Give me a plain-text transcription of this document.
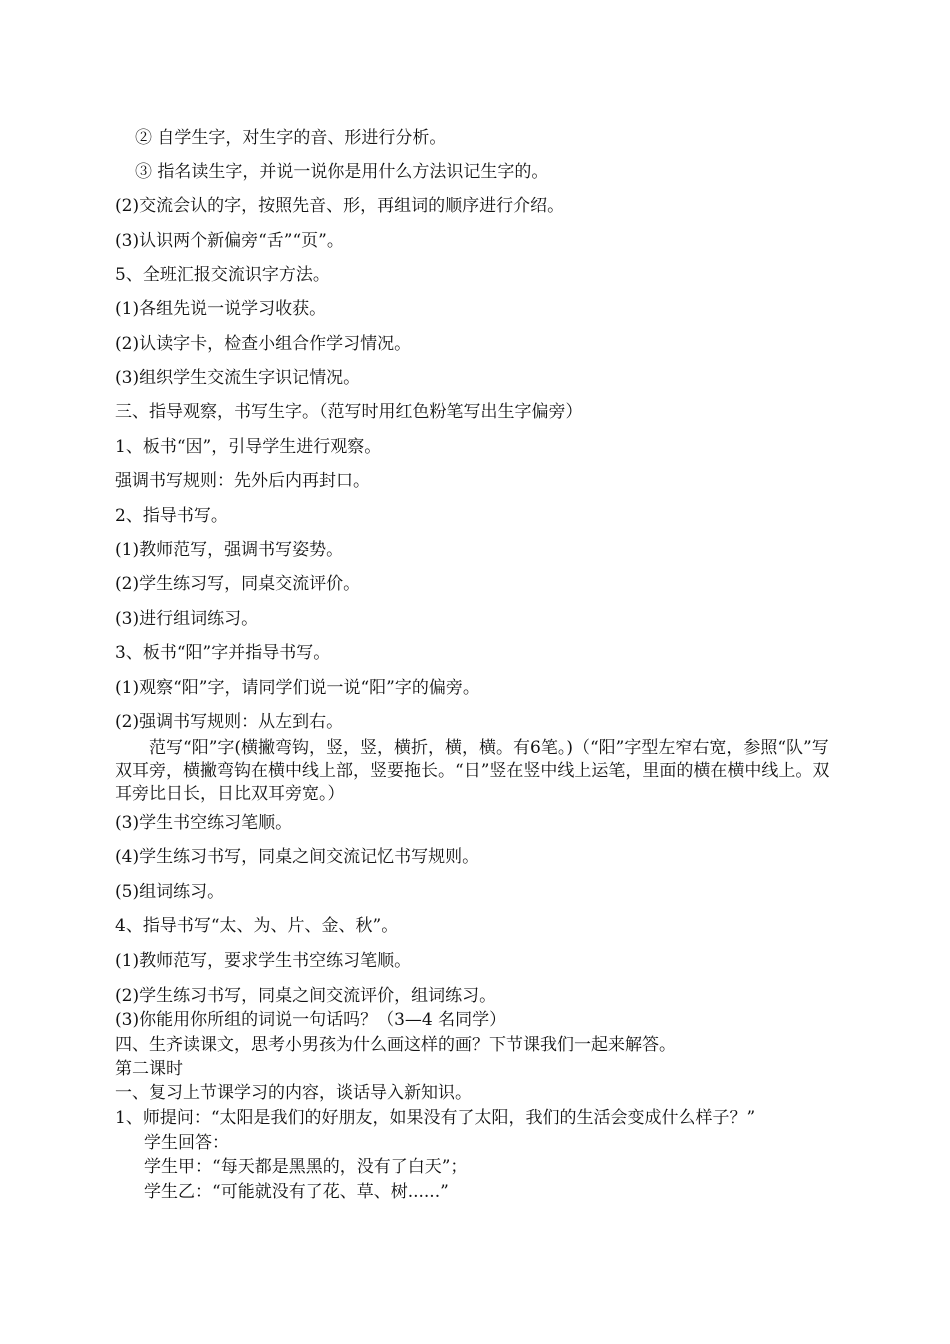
② 自学生字，对生字的音、形进行分析。
③ 指名读生字，并说一说你是用什么方法识记生字的。
(2)交流会认的字，按照先音、形，再组词的顺序进行介绍。
(3)认识两个新偏旁“舌”“页”。
5、全班汇报交流识字方法。
(1)各组先说一说学习收获。
(2)认读字卡，检查小组合作学习情况。
(3)组织学生交流生字识记情况。
三、指导观察，书写生字。（范写时用红色粉笔写出生字偏旁）
1、板书“因”，引导学生进行观察。
强调书写规则：先外后内再封口。
2、指导书写。
(1)教师范写，强调书写姿势。
(2)学生练习写，同桌交流评价。
(3)进行组词练习。
3、板书“阳”字并指导书写。
(1)观察“阳”字，请同学们说一说“阳”字的偏旁。
(2)强调书写规则：从左到右。
范写“阳”字(横撇弯钩，竖，竖，横折，横，横。有6笔。)（“阳”字型左窄右宽，参照“队”写双耳旁，横撇弯钩在横中线上部，竖要拖长。“日”竖在竖中线上运笔，里面的横在横中线上。双耳旁比日长，日比双耳旁宽。）
(3)学生书空练习笔顺。
(4)学生练习书写，同桌之间交流记忆书写规则。
(5)组词练习。
4、指导书写“太、为、片、金、秋”。
(1)教师范写，要求学生书空练习笔顺。
(2)学生练习书写，同桌之间交流评价，组词练习。
(3)你能用你所组的词说一句话吗？（3—4 名同学）
四、生齐读课文，思考小男孩为什么画这样的画？下节课我们一起来解答。
第二课时
一、复习上节课学习的内容，谈话导入新知识。
1、师提问：“太阳是我们的好朋友，如果没有了太阳，我们的生活会变成什么样子？”
学生回答：
学生甲：“每天都是黑黑的，没有了白天”；
学生乙：“可能就没有了花、草、树......”
